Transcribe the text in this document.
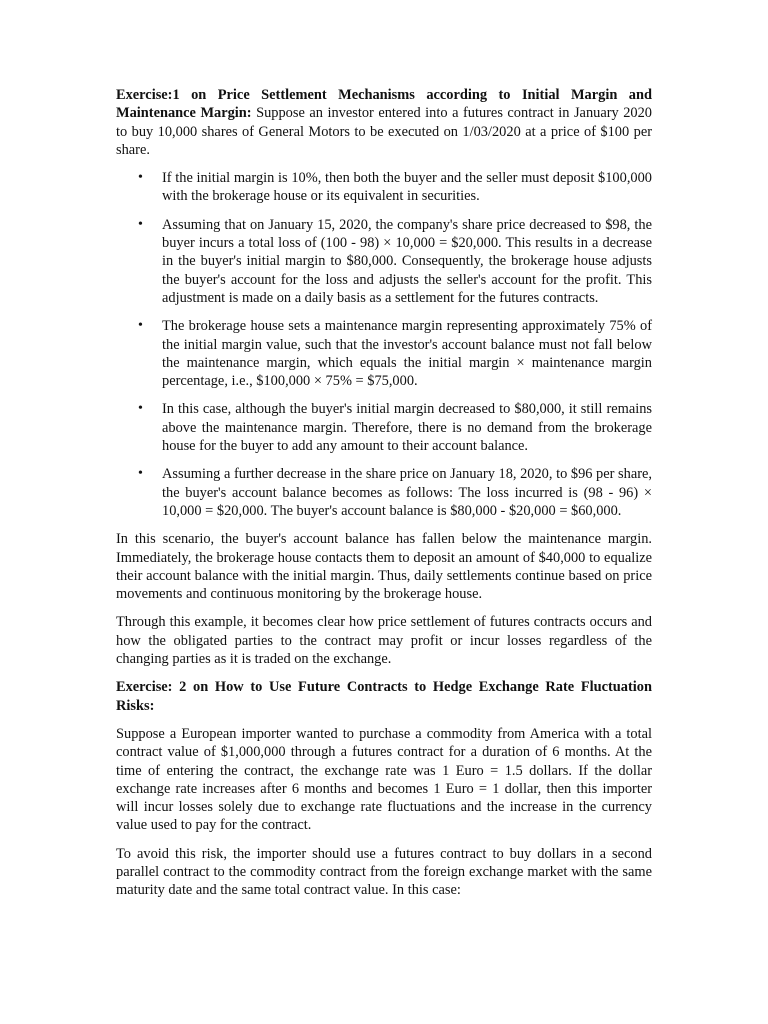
Exercise:1 on Price Settlement Mechanisms according to Initial Margin and Maintenance Margin: Suppose an investor entered into a futures contract in January 2020 to buy 10,000 shares of General Motors to be executed on 1/03/2020 at a price of $100 per share.

• If the initial margin is 10%, then both the buyer and the seller must deposit $100,000 with the brokerage house or its equivalent in securities.
• Assuming that on January 15, 2020, the company's share price decreased to $98, the buyer incurs a total loss of (100 - 98) × 10,000 = $20,000. This results in a decrease in the buyer's initial margin to $80,000. Consequently, the brokerage house adjusts the buyer's account for the loss and adjusts the seller's account for the profit. This adjustment is made on a daily basis as a settlement for the futures contracts.
• The brokerage house sets a maintenance margin representing approximately 75% of the initial margin value, such that the investor's account balance must not fall below the maintenance margin, which equals the initial margin × maintenance margin percentage, i.e., $100,000 × 75% = $75,000.
• In this case, although the buyer's initial margin decreased to $80,000, it still remains above the maintenance margin. Therefore, there is no demand from the brokerage house for the buyer to add any amount to their account balance.
• Assuming a further decrease in the share price on January 18, 2020, to $96 per share, the buyer's account balance becomes as follows: The loss incurred is (98 - 96) × 10,000 = $20,000. The buyer's account balance is $80,000 - $20,000 = $60,000.

In this scenario, the buyer's account balance has fallen below the maintenance margin. Immediately, the brokerage house contacts them to deposit an amount of $40,000 to equalize their account balance with the initial margin. Thus, daily settlements continue based on price movements and continuous monitoring by the brokerage house.

Through this example, it becomes clear how price settlement of futures contracts occurs and how the obligated parties to the contract may profit or incur losses regardless of the changing parties as it is traded on the exchange.

Exercise: 2 on How to Use Future Contracts to Hedge Exchange Rate Fluctuation Risks:

Suppose a European importer wanted to purchase a commodity from America with a total contract value of $1,000,000 through a futures contract for a duration of 6 months. At the time of entering the contract, the exchange rate was 1 Euro = 1.5 dollars. If the dollar exchange rate increases after 6 months and becomes 1 Euro = 1 dollar, then this importer will incur losses solely due to exchange rate fluctuations and the increase in the currency value used to pay for the contract.

To avoid this risk, the importer should use a futures contract to buy dollars in a second parallel contract to the commodity contract from the foreign exchange market with the same maturity date and the same total contract value. In this case:
